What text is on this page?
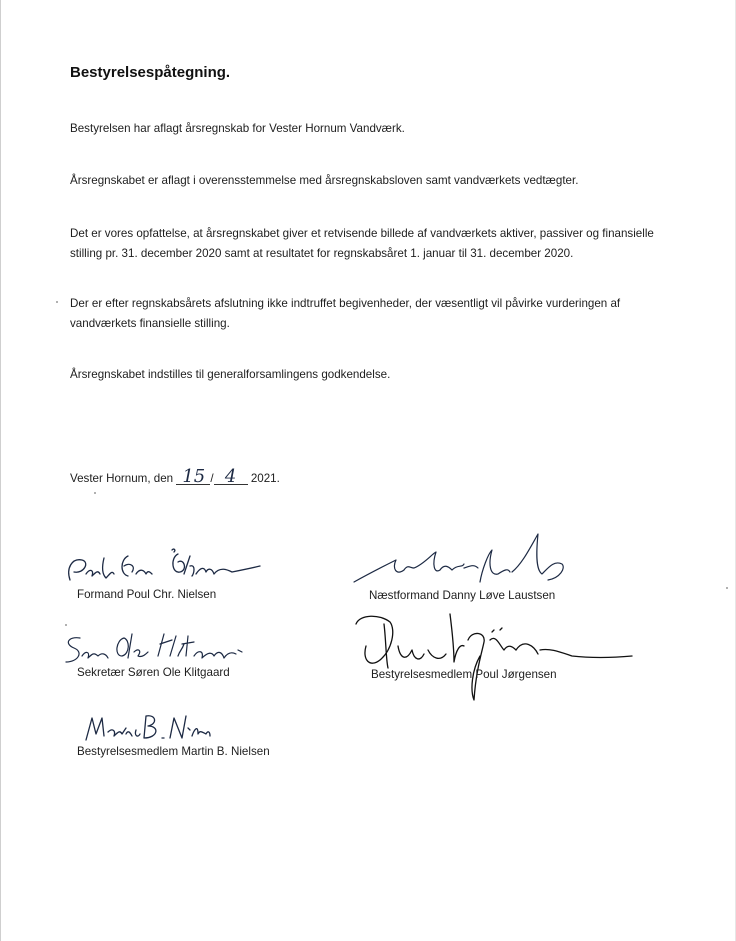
Bestyrelsespåtegning.
Bestyrelsen har aflagt årsregnskab for Vester Hornum Vandværk.
Årsregnskabet er aflagt i overensstemmelse med årsregnskabsloven samt vandværkets vedtægter.
Det er vores opfattelse, at årsregnskabet giver et retvisende billede af vandværkets aktiver, passiver og finansielle stilling pr. 31. december 2020 samt at resultatet for regnskabsåret 1. januar til 31. december 2020.
Der er efter regnskabsårets afslutning ikke indtruffet begivenheder, der væsentligt vil påvirke vurderingen af vandværkets finansielle stilling.
Årsregnskabet indstilles til generalforsamlingens godkendelse.
Vester Hornum, den 15 / 4 2021.
Formand Poul Chr. Nielsen	Næstformand Danny Løve Laustsen
Sekretær Søren Ole Klitgaard	Bestyrelsesmedlem Poul Jørgensen
Bestyrelsesmedlem Martin B. Nielsen
